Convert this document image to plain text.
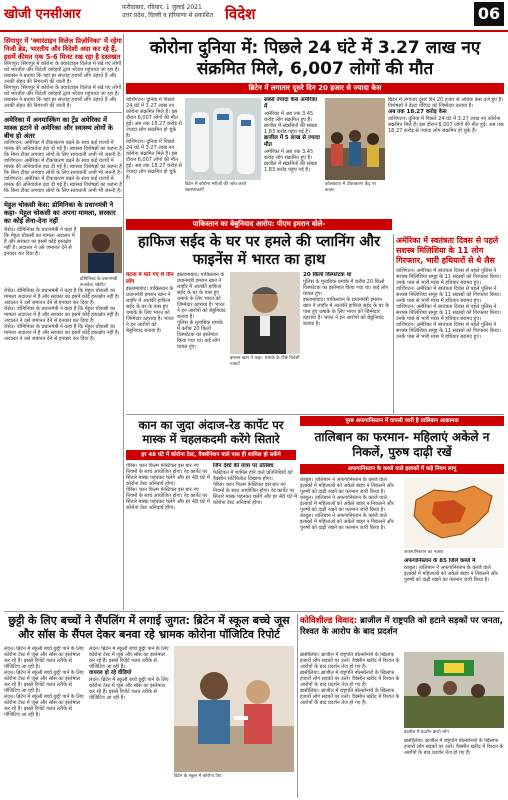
खोजी एनसीआर	फरीदाबाद, रविवार, 1 जुलाई 2021
उत्तर प्रदेश, दिल्ली व हरियाणा से प्रकाशित विदेश	06

सिंगापुर में 'क्वारंटाइन विलेज़ प्रिज़ोनिका' में रहेगा निजी ब्रेड, भारतीय और विदेशी अदा कर रहे हैं, इसमें कीमत एक 5-6 मिनट रख रहा है दस्तखत

सिंगापुर। सिंगापुर में कोरोना के क्वारंटाइन विलेज़ में रखे गए लोगों को भारतीय और विदेशी रसोइयों द्वारा भोजन पहुंचाया जा रहा है। प्रशासन ने बताया कि यहां हर सप्ताह हजारों लोग ठहरते हैं और उनकी सेहत की निगरानी की जाती है।

सिंगापुर। सिंगापुर में कोरोना के क्वारंटाइन विलेज़ में रखे गए लोगों को भारतीय और विदेशी रसोइयों द्वारा भोजन पहुंचाया जा रहा है। प्रशासन ने बताया कि यहां हर सप्ताह हजारों लोग ठहरते हैं और उनकी सेहत की निगरानी की जाती है।

अमेरिका में अनमास्किंग का ट्रेंड अमेरिका में मास्क हटाने से अमेरिका और स्वास्थ्य लोगों के बीच हो अंतर

वाशिंगटन। अमेरिका में टीकाकरण बढ़ने के साथ कई राज्यों में मास्क की अनिवार्यता हटा दी गई है। स्वास्थ्य विशेषज्ञों का कहना है कि बिना टीका लगवाए लोगों के लिए सावधानी अभी भी जरूरी है।

वाशिंगटन। अमेरिका में टीकाकरण बढ़ने के साथ कई राज्यों में मास्क की अनिवार्यता हटा दी गई है। स्वास्थ्य विशेषज्ञों का कहना है कि बिना टीका लगवाए लोगों के लिए सावधानी अभी भी जरूरी है।

वाशिंगटन। अमेरिका में टीकाकरण बढ़ने के साथ कई राज्यों में मास्क की अनिवार्यता हटा दी गई है। स्वास्थ्य विशेषज्ञों का कहना है कि बिना टीका लगवाए लोगों के लिए सावधानी अभी भी जरूरी है।

मेहुल चोकसी केस: डोमिनिका के प्रधानमंत्री ने कहा- मेहुल चोकसी का अपना मामला, सरकार का कोई लेना-देना नहीं

रोसेउ। डोमिनिका के प्रधानमंत्री ने कहा है कि मेहुल चोकसी का मामला अदालत में है और सरकार का इसमें कोई हस्तक्षेप नहीं है। अदालत ने उसे जमानत देने से इनकार कर दिया है।

डोमिनिका के प्रधानमंत्री रूजवेल्ट स्केरिट

रोसेउ। डोमिनिका के प्रधानमंत्री ने कहा है कि मेहुल चोकसी का मामला अदालत में है और सरकार का इसमें कोई हस्तक्षेप नहीं है। अदालत ने उसे जमानत देने से इनकार कर दिया है।

रोसेउ। डोमिनिका के प्रधानमंत्री ने कहा है कि मेहुल चोकसी का मामला अदालत में है और सरकार का इसमें कोई हस्तक्षेप नहीं है। अदालत ने उसे जमानत देने से इनकार कर दिया है।

रोसेउ। डोमिनिका के प्रधानमंत्री ने कहा है कि मेहुल चोकसी का मामला अदालत में है और सरकार का इसमें कोई हस्तक्षेप नहीं है। अदालत ने उसे जमानत देने से इनकार कर दिया है।

कोरोना दुनिया में: पिछले 24 घंटे में 3.27 लाख नए संक्रमित मिले, 6,007 लोगों की मौत
ब्रिटेन में लगातार दूसरे दिन 20 हजार से ज्यादा केस

वाशिंगटन। दुनिया में पिछले 24 घंटे में 3.27 लाख नए कोरोना संक्रमित मिले हैं। इस दौरान 6,007 लोगों की मौत हुई। अब तक 18.27 करोड़ से ज्यादा लोग संक्रमित हो चुके हैं।

वाशिंगटन। दुनिया में पिछले 24 घंटे में 3.27 लाख नए कोरोना संक्रमित मिले हैं। इस दौरान 6,007 लोगों की मौत हुई। अब तक 18.27 करोड़ से ज्यादा लोग संक्रमित हो चुके हैं।

ब्रिटेन में कोरोना मरीजों की जांच करते स्वास्थ्यकर्मी

सबसे ज्यादा केस अमेरिका में

अमेरिका में अब तक 3.45 करोड़ लोग संक्रमित हुए हैं। ब्राजील में संक्रमितों की संख्या 1.83 करोड़ पहुंच गई है।

ब्राजील में 5 लाख से ज्यादा मौत

अमेरिका में अब तक 3.45 करोड़ लोग संक्रमित हुए हैं। ब्राजील में संक्रमितों की संख्या 1.83 करोड़ पहुंच गई है।

कोलकाता में टीकाकरण केंद्र पर कतार

ब्रिटेन में लगातार दूसरे दिन 20 हजार से अधिक केस दर्ज हुए हैं। विशेषज्ञों ने डेल्टा वेरिएंट को जिम्मेदार बताया है।

अब तक 18.27 करोड़ केस

वाशिंगटन। दुनिया में पिछले 24 घंटे में 3.27 लाख नए कोरोना संक्रमित मिले हैं। इस दौरान 6,007 लोगों की मौत हुई। अब तक 18.27 करोड़ से ज्यादा लोग संक्रमित हो चुके हैं।

अमेरिका में स्वतंत्रता दिवस से पहले सशस्त्र मिलिशिया के 11 लोग गिरफ्तार, भारी हथियारों से थे लैस

वाशिंगटन। अमेरिका में स्वतंत्रता दिवस से पहले पुलिस ने सशस्त्र मिलिशिया समूह के 11 सदस्यों को गिरफ्तार किया। उनके पास से भारी मात्रा में हथियार बरामद हुए।

वाशिंगटन। अमेरिका में स्वतंत्रता दिवस से पहले पुलिस ने सशस्त्र मिलिशिया समूह के 11 सदस्यों को गिरफ्तार किया। उनके पास से भारी मात्रा में हथियार बरामद हुए।

वाशिंगटन। अमेरिका में स्वतंत्रता दिवस से पहले पुलिस ने सशस्त्र मिलिशिया समूह के 11 सदस्यों को गिरफ्तार किया। उनके पास से भारी मात्रा में हथियार बरामद हुए।

वाशिंगटन। अमेरिका में स्वतंत्रता दिवस से पहले पुलिस ने सशस्त्र मिलिशिया समूह के 11 सदस्यों को गिरफ्तार किया। उनके पास से भारी मात्रा में हथियार बरामद हुए।

पाकिस्तान का बेबुनियाद आरोप: पीएम इमरान बोले-
हाफिज सईद के घर पर हमले की प्लानिंग और फाइनेंस में भारत का हाथ

घटना में मारे गए थे तीन लोग

इस्लामाबाद। पाकिस्तान के प्रधानमंत्री इमरान खान ने लाहौर में आतंकी हाफिज सईद के घर के पास हुए धमाके के लिए भारत को जिम्मेदार ठहराया है। भारत ने इन आरोपों को बेबुनियाद बताया है।

इस्लामाबाद। पाकिस्तान के प्रधानमंत्री इमरान खान ने लाहौर में आतंकी हाफिज सईद के घर के पास हुए धमाके के लिए भारत को जिम्मेदार ठहराया है। भारत ने इन आरोपों को बेबुनियाद बताया है।

पुलिस के मुताबिक धमाके में करीब 20 किलो विस्फोटक का इस्तेमाल किया गया था। कई लोग घायल हुए।

इमरान खान ने कहा- धमाके के पीछे विदेशी ताकतें

20 किलो विस्फोटक था

पुलिस के मुताबिक धमाके में करीब 20 किलो विस्फोटक का इस्तेमाल किया गया था। कई लोग घायल हुए।

इस्लामाबाद। पाकिस्तान के प्रधानमंत्री इमरान खान ने लाहौर में आतंकी हाफिज सईद के घर के पास हुए धमाके के लिए भारत को जिम्मेदार ठहराया है। भारत ने इन आरोपों को बेबुनियाद बताया है।

कान का जुदा अंदाज-रेड कार्पेट पर मास्क में चहलकदमी करेंगे सितारे
हर 48 घंटे में कोरोना टेस्ट, वैक्सीनेशन वाले पास ही शामिल हो सकेंगे

पेरिस। कान फिल्म फेस्टिवल इस बार नए नियमों के साथ आयोजित होगा। रेड कार्पेट पर सितारे मास्क पहनकर चलेंगे और हर 48 घंटे में कोरोना टेस्ट अनिवार्य होगा।

पेरिस। कान फिल्म फेस्टिवल इस बार नए नियमों के साथ आयोजित होगा। रेड कार्पेट पर सितारे मास्क पहनकर चलेंगे और हर 48 घंटे में कोरोना टेस्ट अनिवार्य होगा।

जिन देशों की यात्रा पर प्रतिबंध

फेस्टिवल में शामिल होने वाले प्रतिनिधियों को वैक्सीन सर्टिफिकेट दिखाना होगा।

पेरिस। कान फिल्म फेस्टिवल इस बार नए नियमों के साथ आयोजित होगा। रेड कार्पेट पर सितारे मास्क पहनकर चलेंगे और हर 48 घंटे में कोरोना टेस्ट अनिवार्य होगा।

पूरब अफगानिस्तान में वापसी जारी है तालिबान आक्रामक
तालिबान का फरमान- महिलाएं अकेले न निकलें, पुरुष दाढ़ी रखें
अफगानिस्तान के कब्जे वाले इलाकों में कड़े नियम लागू

काबुल। तालिबान ने अफगानिस्तान के कब्जे वाले इलाकों में महिलाओं को अकेले बाहर न निकलने और पुरुषों को दाढ़ी रखने का फरमान जारी किया है।

काबुल। तालिबान ने अफगानिस्तान के कब्जे वाले इलाकों में महिलाओं को अकेले बाहर न निकलने और पुरुषों को दाढ़ी रखने का फरमान जारी किया है।

काबुल। तालिबान ने अफगानिस्तान के कब्जे वाले इलाकों में महिलाओं को अकेले बाहर न निकलने और पुरुषों को दाढ़ी रखने का फरमान जारी किया है।

अफगानिस्तान का नक्शा

अफगानिस्तान के 85 जिले कब्जे में

काबुल। तालिबान ने अफगानिस्तान के कब्जे वाले इलाकों में महिलाओं को अकेले बाहर न निकलने और पुरुषों को दाढ़ी रखने का फरमान जारी किया है।

छुट्टी के लिए बच्चों ने सैंपलिंग में लगाई जुगत: ब्रिटेन में स्कूल बच्चे जूस और सॉस के सैंपल देकर बनवा रहे भ्रामक कोरोना पॉजिटिव रिपोर्ट

लंदन। ब्रिटेन में स्कूली बच्चे छुट्टी पाने के लिए कोरोना टेस्ट में जूस और सॉस का इस्तेमाल कर रहे हैं। इससे रिपोर्ट गलत तरीके से पॉजिटिव आ रही है।

लंदन। ब्रिटेन में स्कूली बच्चे छुट्टी पाने के लिए कोरोना टेस्ट में जूस और सॉस का इस्तेमाल कर रहे हैं। इससे रिपोर्ट गलत तरीके से पॉजिटिव आ रही है।

लंदन। ब्रिटेन में स्कूली बच्चे छुट्टी पाने के लिए कोरोना टेस्ट में जूस और सॉस का इस्तेमाल कर रहे हैं। इससे रिपोर्ट गलत तरीके से पॉजिटिव आ रही है।

लंदन। ब्रिटेन में स्कूली बच्चे छुट्टी पाने के लिए कोरोना टेस्ट में जूस और सॉस का इस्तेमाल कर रहे हैं। इससे रिपोर्ट गलत तरीके से पॉजिटिव आ रही है।

वायरल हो रहे वीडियो

लंदन। ब्रिटेन में स्कूली बच्चे छुट्टी पाने के लिए कोरोना टेस्ट में जूस और सॉस का इस्तेमाल कर रहे हैं। इससे रिपोर्ट गलत तरीके से पॉजिटिव आ रही है।

ब्रिटेन के स्कूल में कोरोना टेस्ट
कोविशील्ड विवाद: ब्राजील में राष्ट्रपति को हटाने सड़कों पर जनता, रिश्वत के आरोप के बाद प्रदर्शन

ब्रासीलिया। ब्राजील में राष्ट्रपति बोल्सोनारो के खिलाफ हजारों लोग सड़कों पर उतरे। वैक्सीन खरीद में रिश्वत के आरोपों के बाद प्रदर्शन तेज हो गए हैं।

ब्रासीलिया। ब्राजील में राष्ट्रपति बोल्सोनारो के खिलाफ हजारों लोग सड़कों पर उतरे। वैक्सीन खरीद में रिश्वत के आरोपों के बाद प्रदर्शन तेज हो गए हैं।

ब्रासीलिया। ब्राजील में राष्ट्रपति बोल्सोनारो के खिलाफ हजारों लोग सड़कों पर उतरे। वैक्सीन खरीद में रिश्वत के आरोपों के बाद प्रदर्शन तेज हो गए हैं।

ब्राजील में प्रदर्शन करते लोग

ब्रासीलिया। ब्राजील में राष्ट्रपति बोल्सोनारो के खिलाफ हजारों लोग सड़कों पर उतरे। वैक्सीन खरीद में रिश्वत के आरोपों के बाद प्रदर्शन तेज हो गए हैं।
